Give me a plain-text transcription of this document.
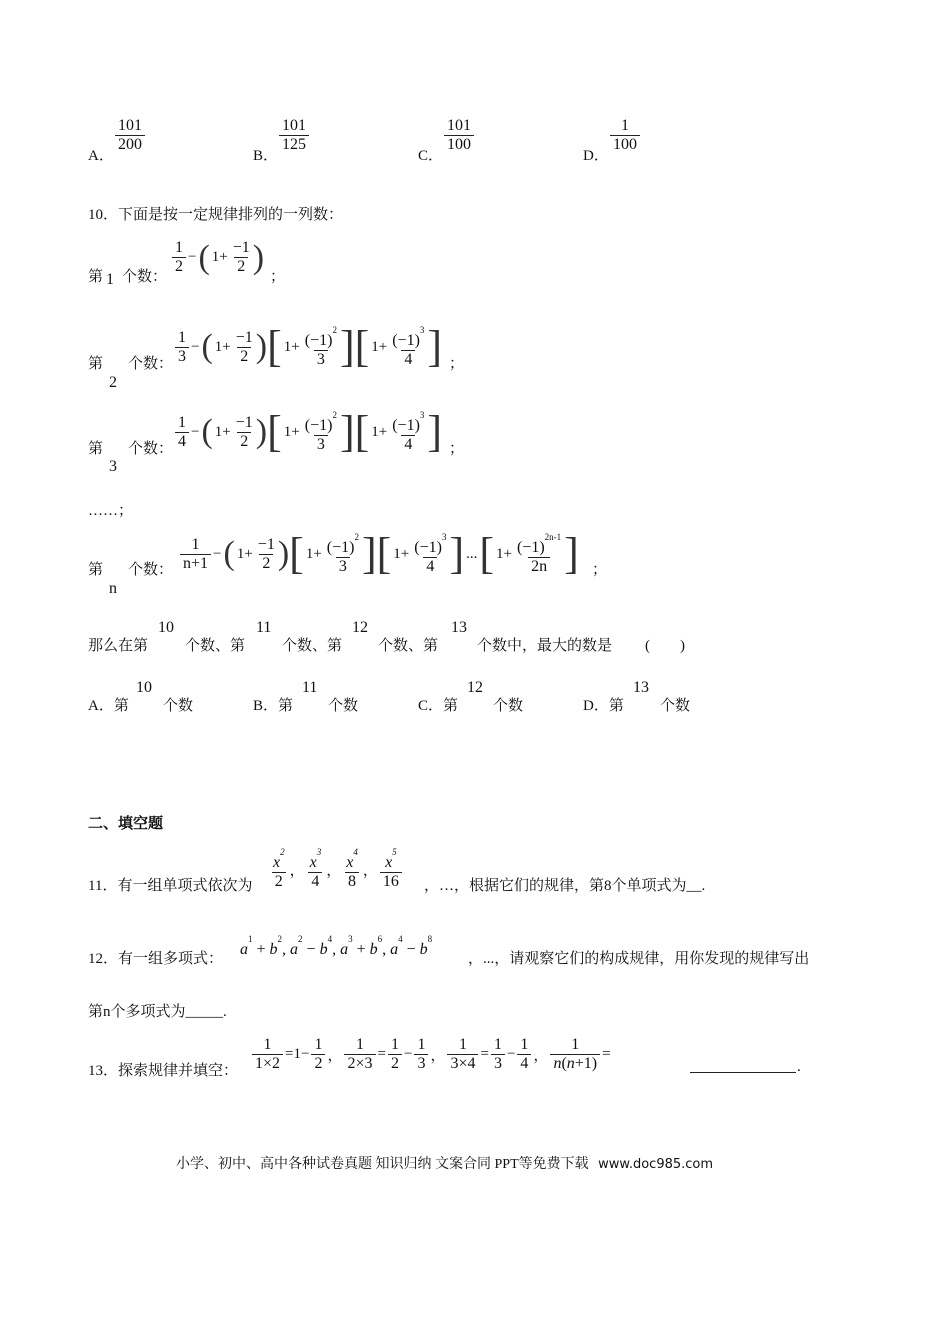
A．
$\frac{101}{200}$
B．
$\frac{101}{125}$
C．
$\frac{101}{100}$
D．
$\frac{1}{100}$
10．下面是按一定规律排列的一列数：
第 1 个数：
$\frac{1}{2}$ − ( $1+ \frac{-1}{2}$ )
；
第
2
个数： $\frac{1}{3}$ − ( $1+ \frac{-1}{2}$ ) [ $1+ \frac{(-1)^2}{3}$ ] [ $1+ \frac{(-1)^3}{4}$ ] ；
第
3
个数： $\frac{1}{4}$ − ( $1+ \frac{-1}{2}$ ) [ $1+ \frac{(-1)^2}{3}$ ] [ $1+ \frac{(-1)^3}{4}$ ] ；
……；
第
n
个数： $\frac{1}{n+1}$ − ( $1+ \frac{-1}{2}$ ) [ $1+ \frac{(-1)^2}{3}$ ] [ $1+ \frac{(-1)^3}{4}$ ] ... [ $1+ \frac{(-1)^{2n-1}}{2n}$ ] ；
那么在第
10
个数、第
11
个数、第
12
个数、第
13
个数中，最大的数是 (　　)
A．第
10
个数	B．第
11
个数	C．第
12
个数	D．第
13
个数
二、填空题
11．有一组单项式依次为 $\frac{x^2}{2}$ ， $\frac{x^3}{4}$ ， $\frac{x^4}{8}$ ， $\frac{x^5}{16}$ ，…，根据它们的规律，第8个单项式为__.
12．有一组多项式：
$a^1 + b^2$, $a^2 - b^4$, $a^3 + b^6$, $a^4 - b^8$
，...，请观察它们的构成规律，用你发现的规律写出
第n个多项式为_____.
13．探索规律并填空： $\frac{1}{1\times 2} =1- \frac{1}{2}$ ， $\frac{1}{2\times 3} = \frac{1}{2} - \frac{1}{3}$ ， $\frac{1}{3\times 4} = \frac{1}{3} - \frac{1}{4}$ ， $\frac{1}{n(n+1)}$ =
.
小学、初中、高中各种试卷真题 知识归纳 文案合同 PPT等免费下载 www.doc985.com
